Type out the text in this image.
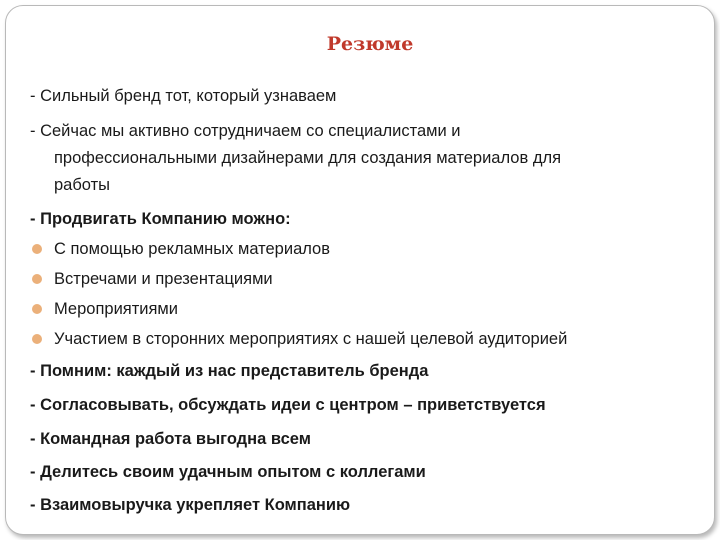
Резюме
- Сильный бренд тот, который узнаваем
- Сейчас мы активно сотрудничаем со специалистами и
профессиональными дизайнерами для создания материалов для
работы
- Продвигать Компанию можно:
С помощью рекламных материалов
Встречами и презентациями
Мероприятиями
Участием в сторонних мероприятиях с нашей целевой аудиторией
- Помним: каждый из нас представитель бренда
- Согласовывать, обсуждать идеи с центром – приветствуется
- Командная работа выгодна всем
- Делитесь своим удачным опытом с коллегами
- Взаимовыручка укрепляет Компанию
